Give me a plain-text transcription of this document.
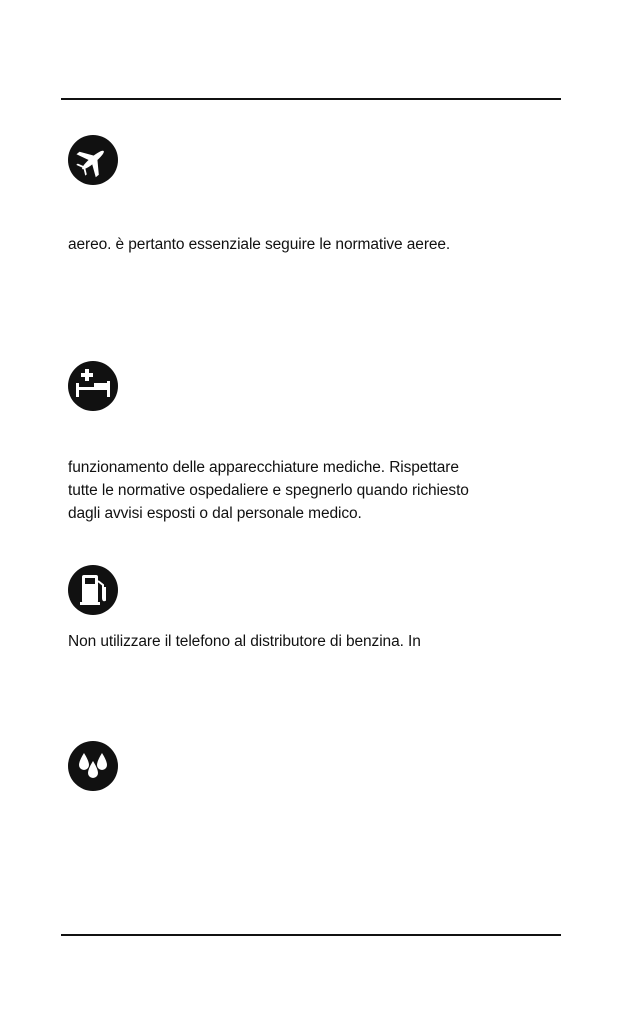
aereo. è pertanto essenziale seguire le normative aeree.
funzionamento delle apparecchiature mediche. Rispettare
tutte le normative ospedaliere e spegnerlo quando richiesto
dagli avvisi esposti o dal personale medico.
Non utilizzare il telefono al distributore di benzina. In
